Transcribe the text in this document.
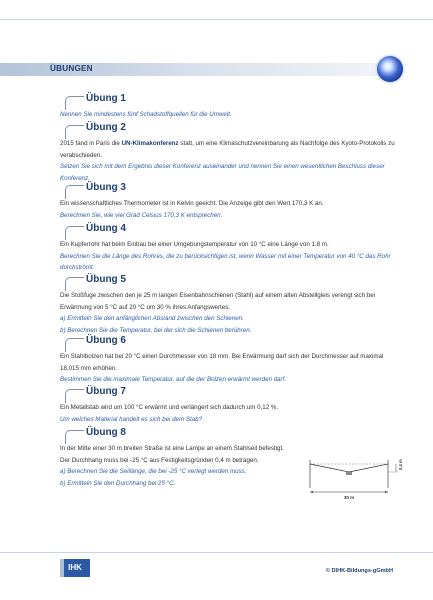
ÜBUNGEN
Übung 1

Nennen Sie mindestens fünf Schadstoffquellen für die Umwelt.

Übung 2

2015 fand in Paris die UN-Klimakonferenz statt, um eine Klimaschutzvereinbarung als Nachfolge des Kyoto-Protokolls zu verabschieden.

Setzen Sie sich mit dem Ergebnis dieser Konferenz auseinander und nennen Sie einen wesentlichen Beschluss dieser Konferenz.

Übung 3

Ein wissenschaftliches Thermometer ist in Kelvin geeicht. Die Anzeige gibt den Wert 170,3 K an.

Berechnen Sie, wie viel Grad Celsius 170,3 K entsprechen.

Übung 4

Ein Kupferrohr hat beim Einbau bei einer Umgebungstemperatur von 10 °C eine Länge von 1,8 m.

Berechnen Sie die Länge des Rohres, die zu berücksichtigen ist, wenn Wasser mit einer Temperatur von 40 °C das Rohr durchströmt.

Übung 5

Die Stoßfuge zwischen den je 25 m langen Eisenbahnschienen (Stahl) auf einem alten Abstellgleis verengt sich bei Erwärmung von 5 °C auf 20 °C um 30 % ihres Anfangswertes.

a) Ermitteln Sie den anfänglichen Abstand zwischen den Schienen.

b) Berechnen Sie die Temperatur, bei der sich die Schienen berühren.

Übung 6

Ein Stahlbolzen hat bei 20 °C einen Durchmesser von 18 mm. Bei Erwärmung darf sich der Durchmesser auf maximal 18,015 mm erhöhen.

Bestimmen Sie die maximale Temperatur, auf die der Bolzen erwärmt werden darf.

Übung 7

Ein Metallstab wird um 100 °C erwärmt und verlängert sich dadurch um 0,12 %.

Um welches Material handelt es sich bei dem Stab?

Übung 8

In der Mitte einer 30 m breiten Straße ist eine Lampe an einem Stahlseil befestigt. Der Durchhang muss bei -25 °C aus Festigkeitsgründen 0,4 m betragen.

a) Berechnen Sie die Seillänge, die bei -25 °C verlegt werden muss.

b) Ermitteln Sie den Durchhang bei 25 °C.

30 m
0,4 m
IHK	© DIHK-Bildungs-gGmbH
